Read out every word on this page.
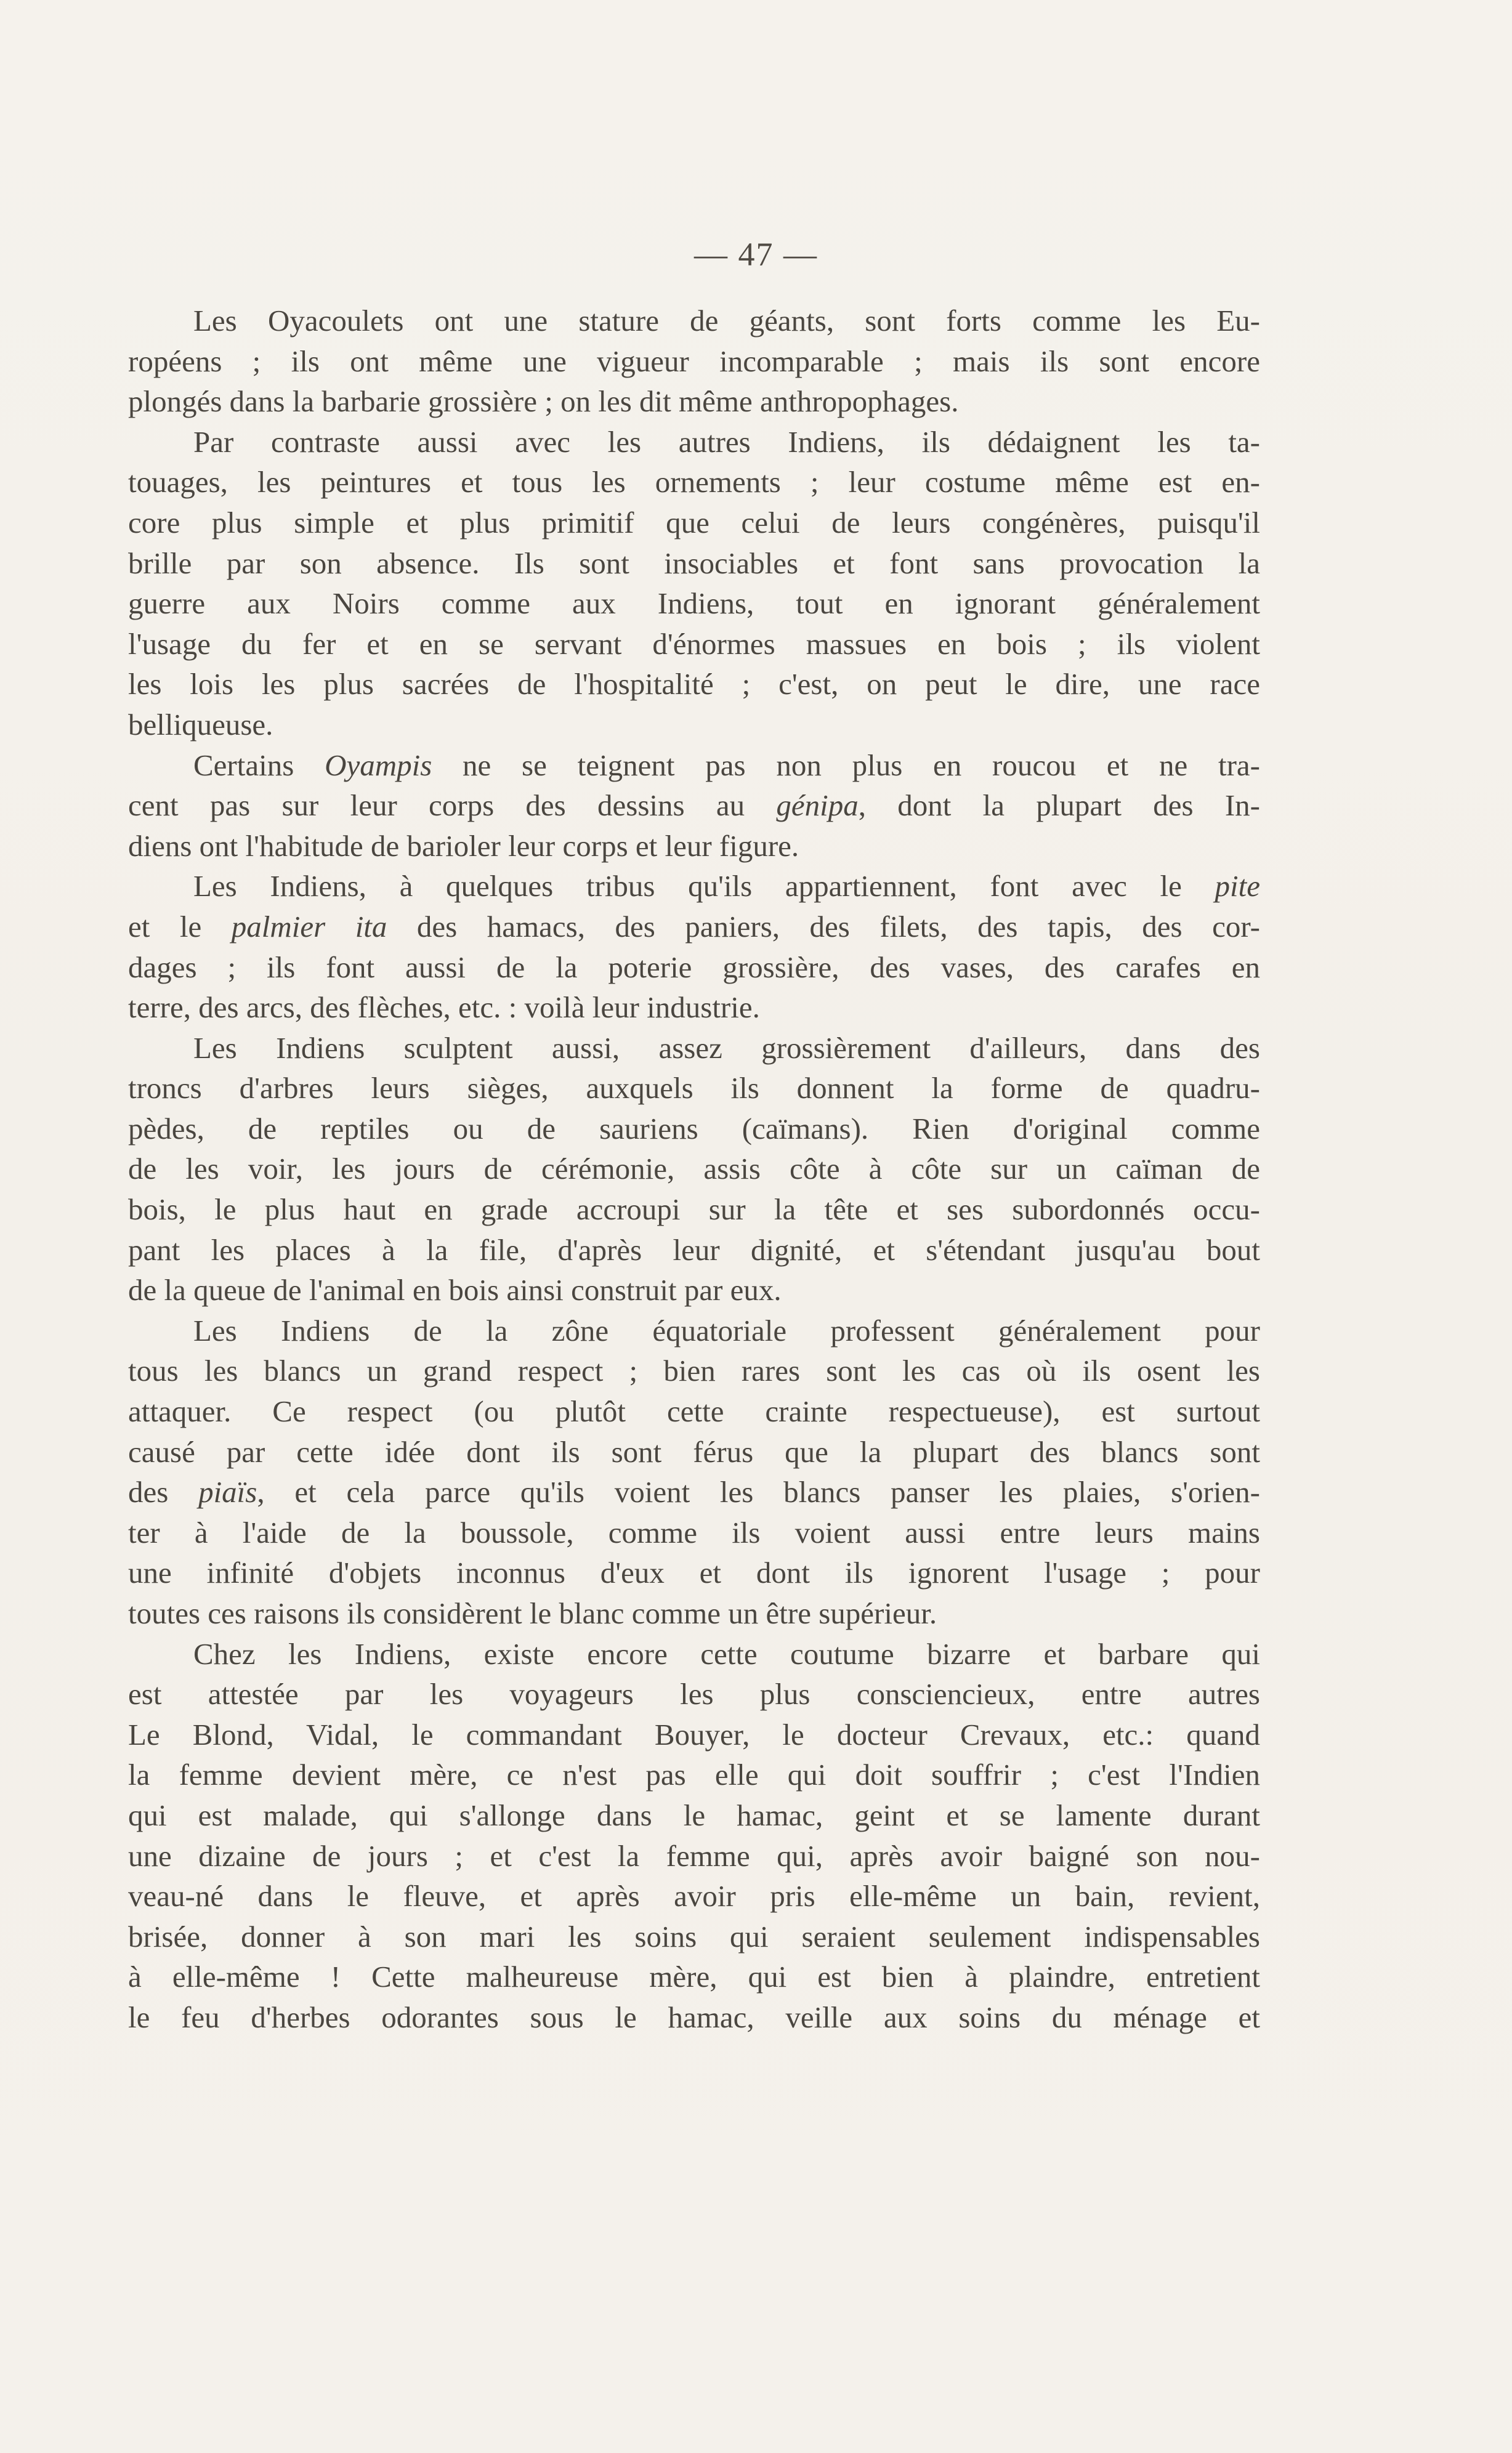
— 47 —
Les Oyacoulets ont une stature de géants, sont forts comme les Eu-
ropéens ; ils ont même une vigueur incomparable ; mais ils sont encore
plongés dans la barbarie grossière ; on les dit même anthropophages.
Par contraste aussi avec les autres Indiens, ils dédaignent les ta-
touages, les peintures et tous les ornements ; leur costume même est en-
core plus simple et plus primitif que celui de leurs congénères, puisqu'il
brille par son absence. Ils sont insociables et font sans provocation la
guerre aux Noirs comme aux Indiens, tout en ignorant généralement
l'usage du fer et en se servant d'énormes massues en bois ; ils violent
les lois les plus sacrées de l'hospitalité ; c'est, on peut le dire, une race
belliqueuse.
Certains Oyampis ne se teignent pas non plus en roucou et ne tra-
cent pas sur leur corps des dessins au génipa, dont la plupart des In-
diens ont l'habitude de barioler leur corps et leur figure.
Les Indiens, à quelques tribus qu'ils appartiennent, font avec le pite
et le palmier ita des hamacs, des paniers, des filets, des tapis, des cor-
dages ; ils font aussi de la poterie grossière, des vases, des carafes en
terre, des arcs, des flèches, etc. : voilà leur industrie.
Les Indiens sculptent aussi, assez grossièrement d'ailleurs, dans des
troncs d'arbres leurs sièges, auxquels ils donnent la forme de quadru-
pèdes, de reptiles ou de sauriens (caïmans). Rien d'original comme
de les voir, les jours de cérémonie, assis côte à côte sur un caïman de
bois, le plus haut en grade accroupi sur la tête et ses subordonnés occu-
pant les places à la file, d'après leur dignité, et s'étendant jusqu'au bout
de la queue de l'animal en bois ainsi construit par eux.
Les Indiens de la zône équatoriale professent généralement pour
tous les blancs un grand respect ; bien rares sont les cas où ils osent les
attaquer. Ce respect (ou plutôt cette crainte respectueuse), est surtout
causé par cette idée dont ils sont férus que la plupart des blancs sont
des piaïs, et cela parce qu'ils voient les blancs panser les plaies, s'orien-
ter à l'aide de la boussole, comme ils voient aussi entre leurs mains
une infinité d'objets inconnus d'eux et dont ils ignorent l'usage ; pour
toutes ces raisons ils considèrent le blanc comme un être supérieur.
Chez les Indiens, existe encore cette coutume bizarre et barbare qui
est attestée par les voyageurs les plus consciencieux, entre autres
Le Blond, Vidal, le commandant Bouyer, le docteur Crevaux, etc.: quand
la femme devient mère, ce n'est pas elle qui doit souffrir ; c'est l'Indien
qui est malade, qui s'allonge dans le hamac, geint et se lamente durant
une dizaine de jours ; et c'est la femme qui, après avoir baigné son nou-
veau-né dans le fleuve, et après avoir pris elle-même un bain, revient,
brisée, donner à son mari les soins qui seraient seulement indispensables
à elle-même ! Cette malheureuse mère, qui est bien à plaindre, entretient
le feu d'herbes odorantes sous le hamac, veille aux soins du ménage et
